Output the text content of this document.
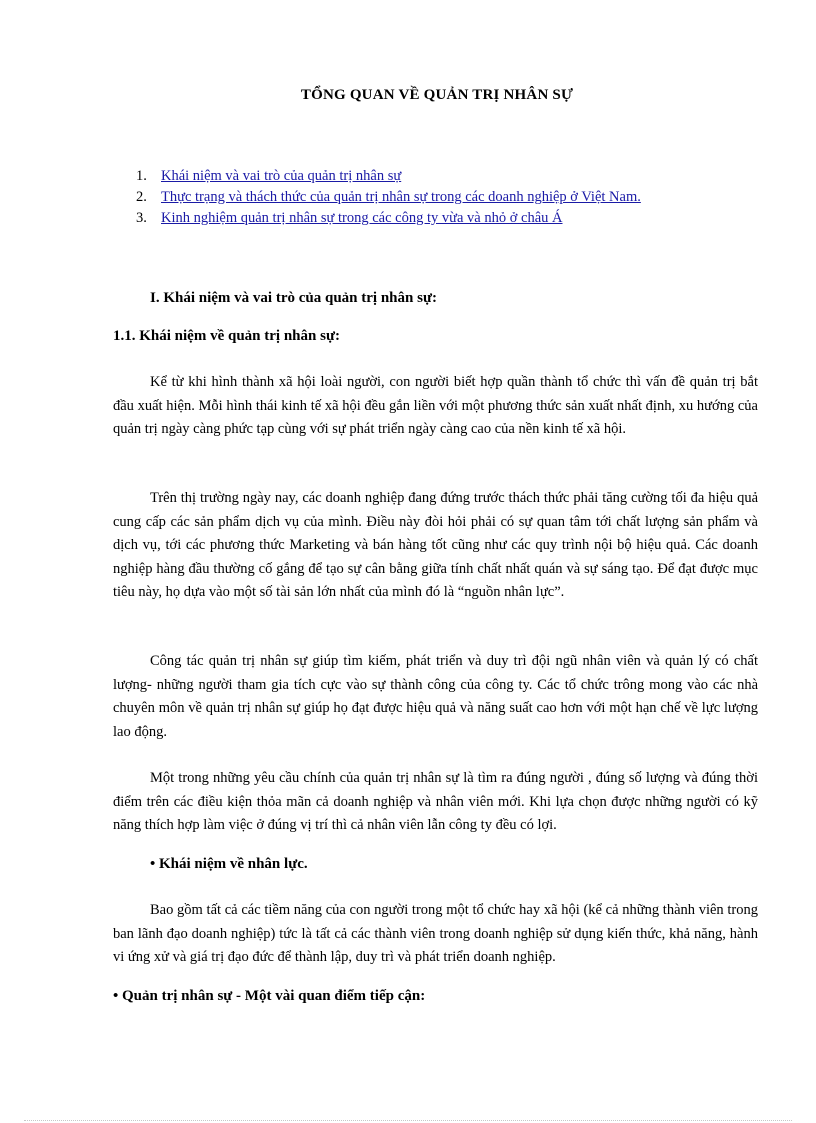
TỔNG QUAN VỀ QUẢN TRỊ NHÂN SỰ
1. Khái niệm và vai trò của quản trị nhân sự
2. Thực trạng và thách thức của quản trị nhân sự trong các doanh nghiệp ở Việt Nam.
3. Kinh nghiệm quản trị nhân sự trong các công ty vừa và nhỏ ở châu Á
I. Khái niệm và vai trò của quản trị nhân sự:
1.1. Khái niệm về quản trị nhân sự:
Kể từ khi hình thành xã hội loài người, con người biết hợp quần thành tổ chức thì vấn đề quản trị bắt đầu xuất hiện. Mỗi hình thái kinh tế xã hội đều gắn liền với một phương thức sản xuất nhất định, xu hướng của quản trị ngày càng phức tạp cùng với sự phát triển ngày càng cao của nền kinh tế xã hội.
Trên thị trường ngày nay, các doanh nghiệp đang đứng trước thách thức phải tăng cường tối đa hiệu quả cung cấp các sản phẩm dịch vụ của mình. Điều này đòi hỏi phải có sự quan tâm tới chất lượng sản phẩm và dịch vụ, tới các phương thức Marketing và bán hàng tốt cũng như các quy trình nội bộ hiệu quả. Các doanh nghiệp hàng đầu thường cố gắng để tạo sự cân bằng giữa tính chất nhất quán và sự sáng tạo. Để đạt được mục tiêu này, họ dựa vào một số tài sản lớn nhất của mình đó là “nguồn nhân lực”.
Công tác quản trị nhân sự giúp tìm kiếm, phát triển và duy trì đội ngũ nhân viên và quản lý có chất lượng- những người tham gia tích cực vào sự thành công của công ty. Các tổ chức trông mong vào các nhà chuyên môn về quản trị nhân sự giúp họ đạt được hiệu quả và năng suất cao hơn với một hạn chế về lực lượng lao động.
Một trong những yêu cầu chính của quản trị nhân sự là tìm ra đúng người , đúng số lượng và đúng thời điểm trên các điều kiện thỏa mãn cả doanh nghiệp và nhân viên mới. Khi lựa chọn được những người có kỹ năng thích hợp làm việc ở đúng vị trí thì cả nhân viên lẫn công ty đều có lợi.
• Khái niệm về nhân lực.
Bao gồm tất cả các tiềm năng của con người trong một tổ chức hay xã hội (kể cả những thành viên trong ban lãnh đạo doanh nghiệp) tức là tất cả các thành viên trong doanh nghiệp sử dụng kiến thức, khả năng, hành vi ứng xử và giá trị đạo đức để thành lập, duy trì và phát triển doanh nghiệp.
• Quản trị nhân sự - Một vài quan điểm tiếp cận:
